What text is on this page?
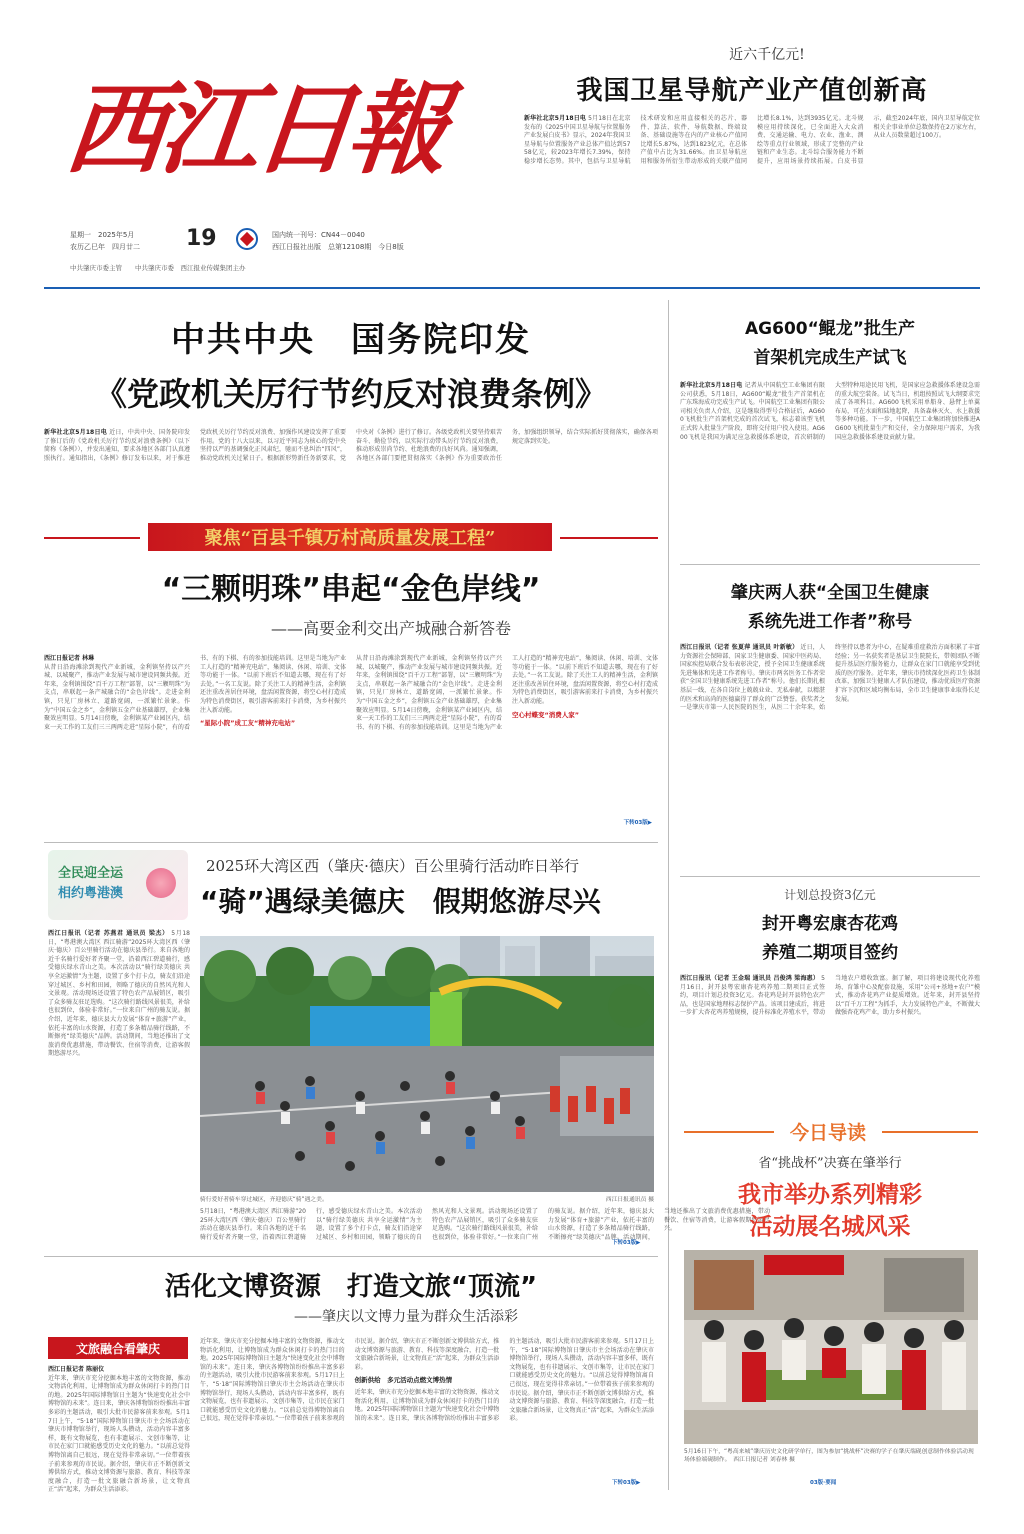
西江日報
星期一　2025年5月
农历乙巳年　四月廿二	19	国内统一刊号：CN44－0040
西江日报社出版　总第12108期　今日8版
中共肇庆市委主管　　中共肇庆市委　西江报业传媒集团主办
近六千亿元!
我国卫星导航产业产值创新高
新华社北京5月18日电 5月18日在北京发布的《2025中国卫星导航与位置服务产业发展白皮书》显示，2024年我国卫星导航与位置服务产业总体产值达到5758亿元，较2023年增长7.39%，保持稳步增长态势。其中，包括与卫星导航技术研发和应用直接相关的芯片、器件、算法、软件、导航数据、终端设备、基础设施等在内的产业核心产值同比增长5.87%，达到1823亿元，在总体产值中占比为31.66%。由卫星导航应用和服务所衍生带动形成的关联产值同比增长8.1%，达到3935亿元。北斗规模应用持续深化，已全面进入大众消费、交通运输、电力、农业、渔业、测绘等重点行业领域，形成了完整的产业链和产业生态。北斗综合服务能力不断提升，应用场景持续拓展。白皮书显示，截至2024年底，国内卫星导航定位相关企事业单位总数保持在2万家左右，从业人员数量超过100万。
中共中央　国务院印发
《党政机关厉行节约反对浪费条例》
新华社北京5月18日电 近日，中共中央、国务院印发了修订后的《党政机关厉行节约反对浪费条例》（以下简称《条例》），并发出通知，要求各地区各部门认真遵照执行。通知指出，《条例》修订发布以来，对于推进党政机关厉行节约反对浪费、加强作风建设发挥了重要作用。党的十八大以来，以习近平同志为核心的党中央坚持以严的基调强化正风肃纪，驰而不息纠治“四风”，推动党政机关过紧日子。根据新形势新任务新要求，党中央对《条例》进行了修订。各级党政机关要坚持艰苦奋斗、勤俭节约，以实际行动带头厉行节约反对浪费，推动形成崇尚节约、杜绝浪费的良好风尚。通知强调，各地区各部门要把贯彻落实《条例》作为重要政治任务，加强组织领导，结合实际抓好贯彻落实，确保各项规定落到实处。
聚焦“百县千镇万村高质量发展工程”
“三颗明珠”串起“金色岸线”
——高要金利交出产城融合新答卷
西江日报记者 林琳
从昔日沿海滩涂到现代产业新城，金利镇坚持以产兴城、以城聚产，推动产业发展与城市建设同频共振。近年来，金利镇围绕“百千万工程”部署，以“三颗明珠”为支点，串联起一条产城融合的“金色岸线”。走进金利镇，只见厂房林立、道路宽阔，一派繁忙景象。作为“中国五金之乡”，金利镇五金产业基础雄厚，企业集聚效应明显。5月14日傍晚，金利镇某产业园区内，结束一天工作的工友们三三两两走进“星际小院”，有的看书、有的下棋、有的参加技能培训。这里是当地为产业工人打造的“精神充电站”，集阅读、休闲、培训、文体等功能于一体。“以前下班后不知道去哪，现在有了好去处。”一名工友说。除了关注工人的精神生活，金利镇还注重改善居住环境，盘活闲置资源，将空心村打造成为特色消费街区，吸引游客前来打卡消费，为乡村振兴注入新动能。
“星际小院”成工友“精神充电站”
从昔日沿海滩涂到现代产业新城，金利镇坚持以产兴城、以城聚产，推动产业发展与城市建设同频共振。近年来，金利镇围绕“百千万工程”部署，以“三颗明珠”为支点，串联起一条产城融合的“金色岸线”。走进金利镇，只见厂房林立、道路宽阔，一派繁忙景象。作为“中国五金之乡”，金利镇五金产业基础雄厚，企业集聚效应明显。5月14日傍晚，金利镇某产业园区内，结束一天工作的工友们三三两两走进“星际小院”，有的看书、有的下棋、有的参加技能培训。这里是当地为产业工人打造的“精神充电站”，集阅读、休闲、培训、文体等功能于一体。“以前下班后不知道去哪，现在有了好去处。”一名工友说。除了关注工人的精神生活，金利镇还注重改善居住环境，盘活闲置资源，将空心村打造成为特色消费街区，吸引游客前来打卡消费，为乡村振兴注入新动能。
空心村蝶变“消费人家”
下转03版▶
全民迎全运
相约粤港澳
2025环大湾区西（肇庆·德庆）百公里骑行活动昨日举行
“骑”遇绿美德庆　假期悠游尽兴
西江日报讯（记者 苏燕君 通讯员 梁杰） 5月18日，“粤港澳大湾区 西江骑游”2025环大湾区西（肇庆·德庆）百公里骑行活动在德庆县举行。来自各地的近千名骑行爱好者齐聚一堂，沿着西江碧道骑行，感受德庆绿水青山之美。本次活动以“骑行绿美德庆 共享全运激情”为主题，设置了多个打卡点，骑友们沿途穿过城区、乡村和田园，领略了德庆的自然风光和人文景观。活动现场还设置了特色农产品展销区，吸引了众多骑友驻足选购。“这次骑行路线风景很美，补给也很到位，体验非常好。”一位来自广州的骑友说。据介绍，近年来，德庆县大力发展“体育+旅游”产业，依托丰富的山水资源，打造了多条精品骑行线路，不断擦亮“绿美德庆”品牌。活动期间，当地还推出了文旅消费优惠措施，带动餐饮、住宿等消费，让游客假期悠游尽兴。
骑行爱好者骑车穿过城区，齐迎德庆“骑”遇之美。	西江日报通讯员 摄
5月18日，“粤港澳大湾区 西江骑游”2025环大湾区西（肇庆·德庆）百公里骑行活动在德庆县举行。来自各地的近千名骑行爱好者齐聚一堂，沿着西江碧道骑行，感受德庆绿水青山之美。本次活动以“骑行绿美德庆 共享全运激情”为主题，设置了多个打卡点，骑友们沿途穿过城区、乡村和田园，领略了德庆的自然风光和人文景观。活动现场还设置了特色农产品展销区，吸引了众多骑友驻足选购。“这次骑行路线风景很美，补给也很到位，体验非常好。”一位来自广州的骑友说。据介绍，近年来，德庆县大力发展“体育+旅游”产业，依托丰富的山水资源，打造了多条精品骑行线路，不断擦亮“绿美德庆”品牌。活动期间，当地还推出了文旅消费优惠措施，带动餐饮、住宿等消费，让游客假期悠游尽兴。
下转03版▶
活化文博资源　打造文旅“顶流”
——肇庆以文博力量为群众生活添彩
文旅融合看肇庆
西江日报记者 陈丽仪
近年来，肇庆市充分挖掘本地丰富的文物资源，推动文物活化利用，让博物馆成为群众休闲打卡的热门目的地。2025年国际博物馆日主题为“快速变化社会中博物馆的未来”。连日来，肇庆各博物馆纷纷推出丰富多彩的主题活动，吸引大批市民游客前来参观。5月17日上午，“5·18”国际博物馆日肇庆市主会场活动在肇庆市博物馆举行，现场人头攒动，活动内容丰富多样，既有文物展览，也有非遗展示、文创市集等，让市民在家门口就能感受历史文化的魅力。“以前总觉得博物馆离自己很远，现在觉得非常亲切。”一位带着孩子前来参观的市民说。据介绍，肇庆市正不断创新文博供给方式，推动文博资源与旅游、教育、科技等深度融合，打造一批文旅融合新场景，让文物真正“活”起来，为群众生活添彩。
近年来，肇庆市充分挖掘本地丰富的文物资源，推动文物活化利用，让博物馆成为群众休闲打卡的热门目的地。2025年国际博物馆日主题为“快速变化社会中博物馆的未来”。连日来，肇庆各博物馆纷纷推出丰富多彩的主题活动，吸引大批市民游客前来参观。5月17日上午，“5·18”国际博物馆日肇庆市主会场活动在肇庆市博物馆举行，现场人头攒动，活动内容丰富多样，既有文物展览，也有非遗展示、文创市集等，让市民在家门口就能感受历史文化的魅力。“以前总觉得博物馆离自己很远，现在觉得非常亲切。”一位带着孩子前来参观的市民说。据介绍，肇庆市正不断创新文博供给方式，推动文博资源与旅游、教育、科技等深度融合，打造一批文旅融合新场景，让文物真正“活”起来，为群众生活添彩。
创新供给　多元活动点燃文博热情
近年来，肇庆市充分挖掘本地丰富的文物资源，推动文物活化利用，让博物馆成为群众休闲打卡的热门目的地。2025年国际博物馆日主题为“快速变化社会中博物馆的未来”。连日来，肇庆各博物馆纷纷推出丰富多彩的主题活动，吸引大批市民游客前来参观。5月17日上午，“5·18”国际博物馆日肇庆市主会场活动在肇庆市博物馆举行，现场人头攒动，活动内容丰富多样，既有文物展览，也有非遗展示、文创市集等，让市民在家门口就能感受历史文化的魅力。“以前总觉得博物馆离自己很远，现在觉得非常亲切。”一位带着孩子前来参观的市民说。据介绍，肇庆市正不断创新文博供给方式，推动文博资源与旅游、教育、科技等深度融合，打造一批文旅融合新场景，让文物真正“活”起来，为群众生活添彩。
下转03版▶
AG600“鲲龙”批生产
首架机完成生产试飞
新华社北京5月18日电 记者从中国航空工业集团有限公司获悉，5月18日，AG600“鲲龙”批生产首架机在广东珠海成功完成生产试飞。中国航空工业集团有限公司相关负责人介绍，这是继取得型号合格证后，AG600飞机批生产首架机完成的首次试飞，标志着该型飞机正式转入批量生产阶段，即将交付用户投入使用。AG600飞机是我国为满足应急救援体系建设，首次研制的大型特种用途民用飞机，是国家应急救援体系建设急需的重大航空装备。试飞当日，机组按照试飞大纲要求完成了各项科目。AG600飞机采用单船身、悬臂上单翼布局，可在水面和陆地起降，具备森林灭火、水上救援等多种功能。下一步，中国航空工业集团将加快推进AG600飞机批量生产和交付，全力保障用户需求，为我国应急救援体系建设贡献力量。
肇庆两人获“全国卫生健康
系统先进工作者”称号
西江日报讯（记者 张夏萍 通讯员 叶新敏） 近日，人力资源社会保障部、国家卫生健康委、国家中医药局、国家疾控局联合发布表彰决定，授予全国卫生健康系统先进集体和先进工作者称号。肇庆市两名医务工作者荣获“全国卫生健康系统先进工作者”称号。他们长期扎根基层一线，在各自岗位上兢兢业业、无私奉献，以精湛的医术和高尚的医德赢得了群众的广泛赞誉。获奖者之一是肇庆市第一人民医院的医生，从医二十余年来，始终坚持以患者为中心，在疑难重症救治方面积累了丰富经验；另一名获奖者是基层卫生院院长，带领团队不断提升基层医疗服务能力，让群众在家门口就能享受到优质的医疗服务。近年来，肇庆市持续深化医药卫生体制改革，加强卫生健康人才队伍建设，推动优质医疗资源扩容下沉和区域均衡布局，全市卫生健康事业取得长足发展。
计划总投资3亿元
封开粤宏康杏花鸡
养殖二期项目签约
西江日报讯（记者 王金瑞 通讯员 吕俊鸿 梁海惠） 5月16日，封开县粤宏康杏花鸡养殖二期项目正式签约，项目计划总投资3亿元。杏花鸡是封开县特色农产品，也是国家地理标志保护产品。该项目建成后，将进一步扩大杏花鸡养殖规模，提升标准化养殖水平，带动当地农户增收致富。据了解，项目将建设现代化养殖场、育雏中心及配套设施，采用“公司+基地+农户”模式，推动杏花鸡产业提质增效。近年来，封开县坚持以“百千万工程”为抓手，大力发展特色产业，不断做大做强杏花鸡产业，助力乡村振兴。
今日导读
省“挑战杯”决赛在肇举行
我市举办系列精彩
活动展名城风采
5月16日下午，“粤高来城”肇庆历史文化研学单行，图为参加“挑战杯”决赛的学子在肇庆端砚创意制作体验活动现场体验端砚制作。　西江日报记者 刘春林 摄
03版·要闻
